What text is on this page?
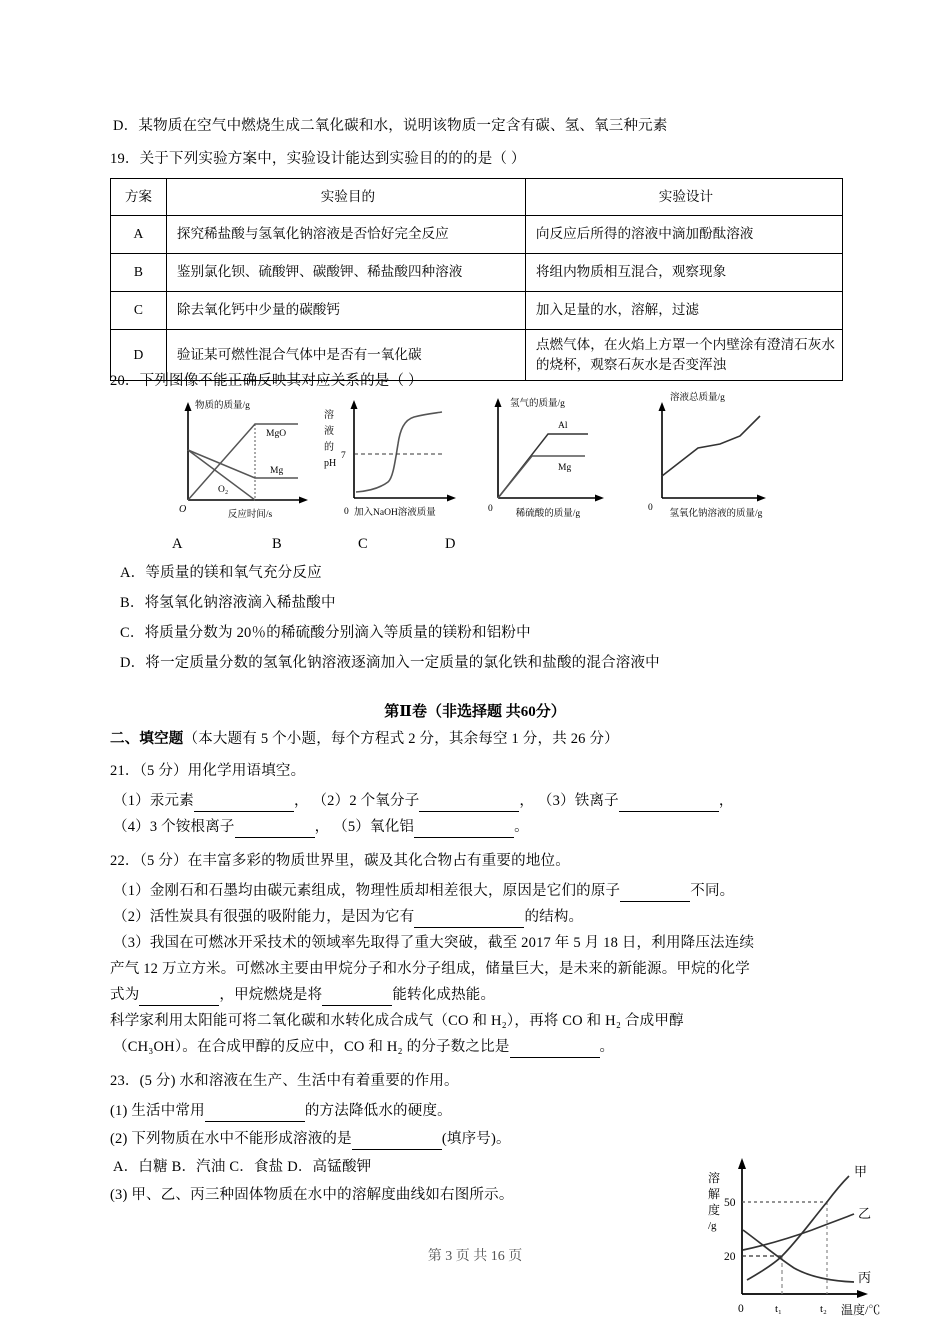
D．某物质在空气中燃烧生成二氧化碳和水，说明该物质一定含有碳、氢、氧三种元素
19．关于下列实验方案中，实验设计能达到实验目的的的是（ ）
方案	实验目的	实验设计
A	探究稀盐酸与氢氧化钠溶液是否恰好完全反应	向反应后所得的溶液中滴加酚酞溶液
B	鉴别氯化钡、硫酸钾、碳酸钾、稀盐酸四种溶液	将组内物质相互混合，观察现象
C	除去氧化钙中少量的碳酸钙	加入足量的水，溶解，过滤
D	验证某可燃性混合气体中是否有一氧化碳	点燃气体，在火焰上方罩一个内壁涂有澄清石灰水的烧杯，观察石灰水是否变浑浊
20．下列图像不能正确反映其对应关系的是（ ）
物质的质量/g
反应时间/s
O
MgO
Mg
O₂
7
溶
液
的
pH
0 加入NaOH溶液质量
氢气的质量/g
稀硫酸的质量/g
0
Al
Mg
溶液总质量/g
氢氧化钠溶液的质量/g
0
A	B	C	D
A．等质量的镁和氧气充分反应
B．将氢氧化钠溶液滴入稀盐酸中
C．将质量分数为 20％的稀硫酸分别滴入等质量的镁粉和铝粉中
D．将一定质量分数的氢氧化钠溶液逐滴加入一定质量的氯化铁和盐酸的混合溶液中
第Ⅱ卷（非选择题 共60分）
二、填空题（本大题有 5 个小题，每个方程式 2 分，其余每空 1 分，共 26 分）
21．（5 分）用化学用语填空。
（1）汞元素	， （2）2 个氧分子	， （3）铁离子	，
（4）3 个铵根离子	， （5）氧化铝	。
22．（5 分）在丰富多彩的物质世界里，碳及其化合物占有重要的地位。
（1）金刚石和石墨均由碳元素组成，物理性质却相差很大，原因是它们的原子	不同。
（2）活性炭具有很强的吸附能力，是因为它有	的结构。
（3）我国在可燃冰开采技术的领域率先取得了重大突破，截至 2017 年 5 月 18 日，利用降压法连续
产气 12 万立方米。可燃冰主要由甲烷分子和水分子组成，储量巨大，是未来的新能源。甲烷的化学
式为	，甲烷燃烧是将	能转化成热能。
科学家利用太阳能可将二氧化碳和水转化成合成气（CO 和 H₂），再将 CO 和 H₂ 合成甲醇
（CH₃OH）。在合成甲醇的反应中，CO 和 H₂ 的分子数之比是	。
23．(5 分) 水和溶液在生产、生活中有着重要的作用。
(1) 生活中常用	的方法降低水的硬度。
(2) 下列物质在水中不能形成溶液的是	(填序号)。
A．白糖 B．汽油 C．食盐 D．高锰酸钾
(3) 甲、乙、丙三种固体物质在水中的溶解度曲线如右图所示。
溶
解
度
/g
50
20
0	t₁	t₂ 温度/℃
甲
乙
丙
第 3 页 共 16 页
